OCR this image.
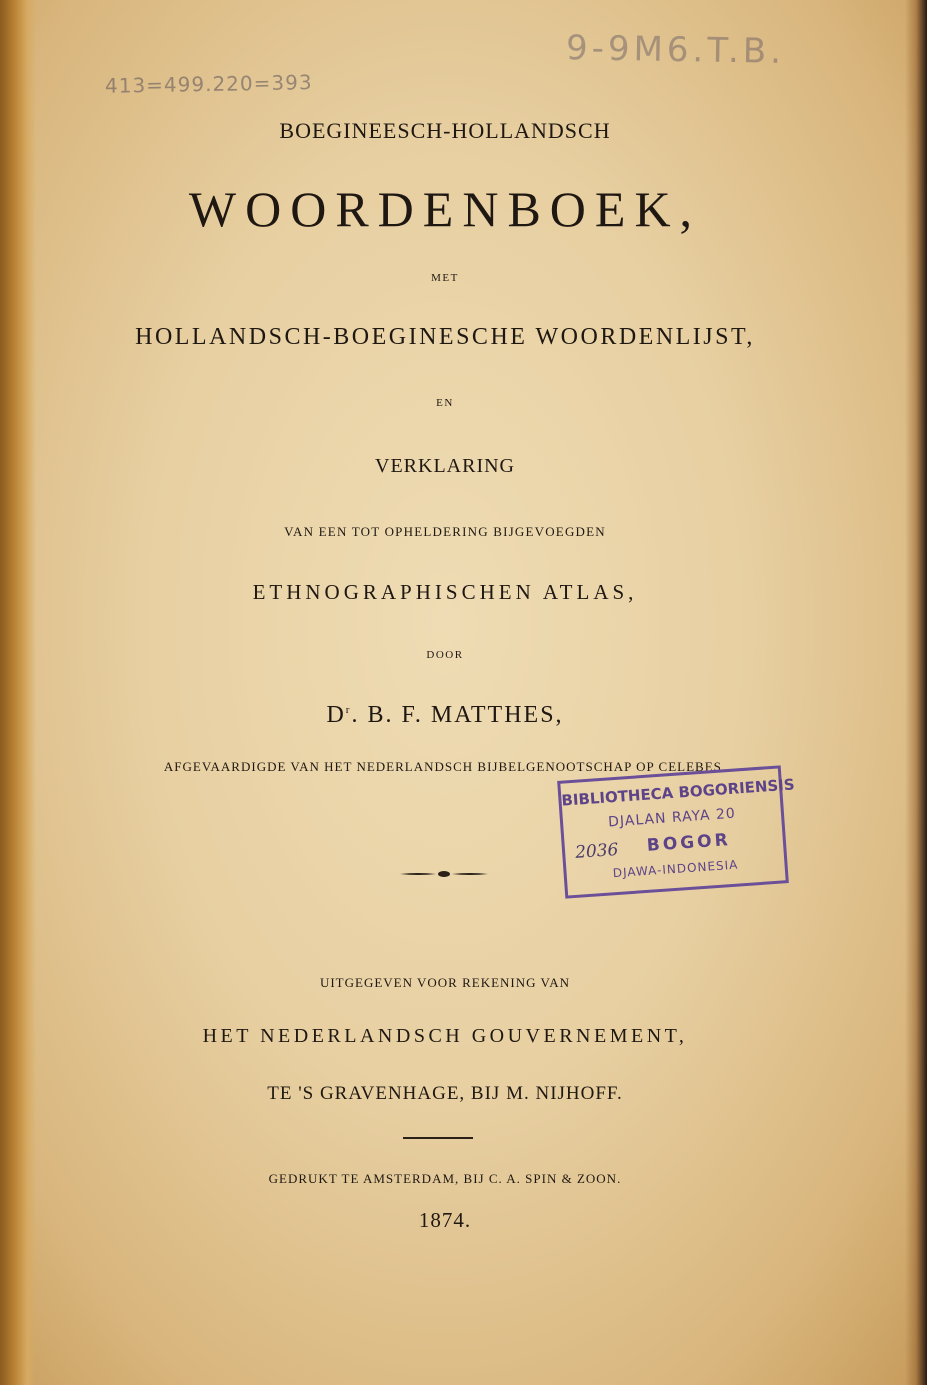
413=499.220=393
9-9M6.T.B.
BOEGINEESCH-HOLLANDSCH
WOORDENBOEK,
MET
HOLLANDSCH-BOEGINESCHE WOORDENLIJST,
EN
VERKLARING
VAN EEN TOT OPHELDERING BIJGEVOEGDEN
ETHNOGRAPHISCHEN ATLAS,
DOOR
$D^r$. B. F. MATTHES,
AFGEVAARDIGDE VAN HET NEDERLANDSCH BIJBELGENOOTSCHAP OP CELEBES.
UITGEGEVEN VOOR REKENING VAN
HET NEDERLANDSCH GOUVERNEMENT,
TE 'S GRAVENHAGE, BIJ M. NIJHOFF.
GEDRUKT TE AMSTERDAM, BIJ C. A. SPIN & ZOON.
1874.
BIBLIOTHECA BOGORIENSIS
DJALAN RAYA 20
2036	BOGOR
DJAWA-INDONESIA
